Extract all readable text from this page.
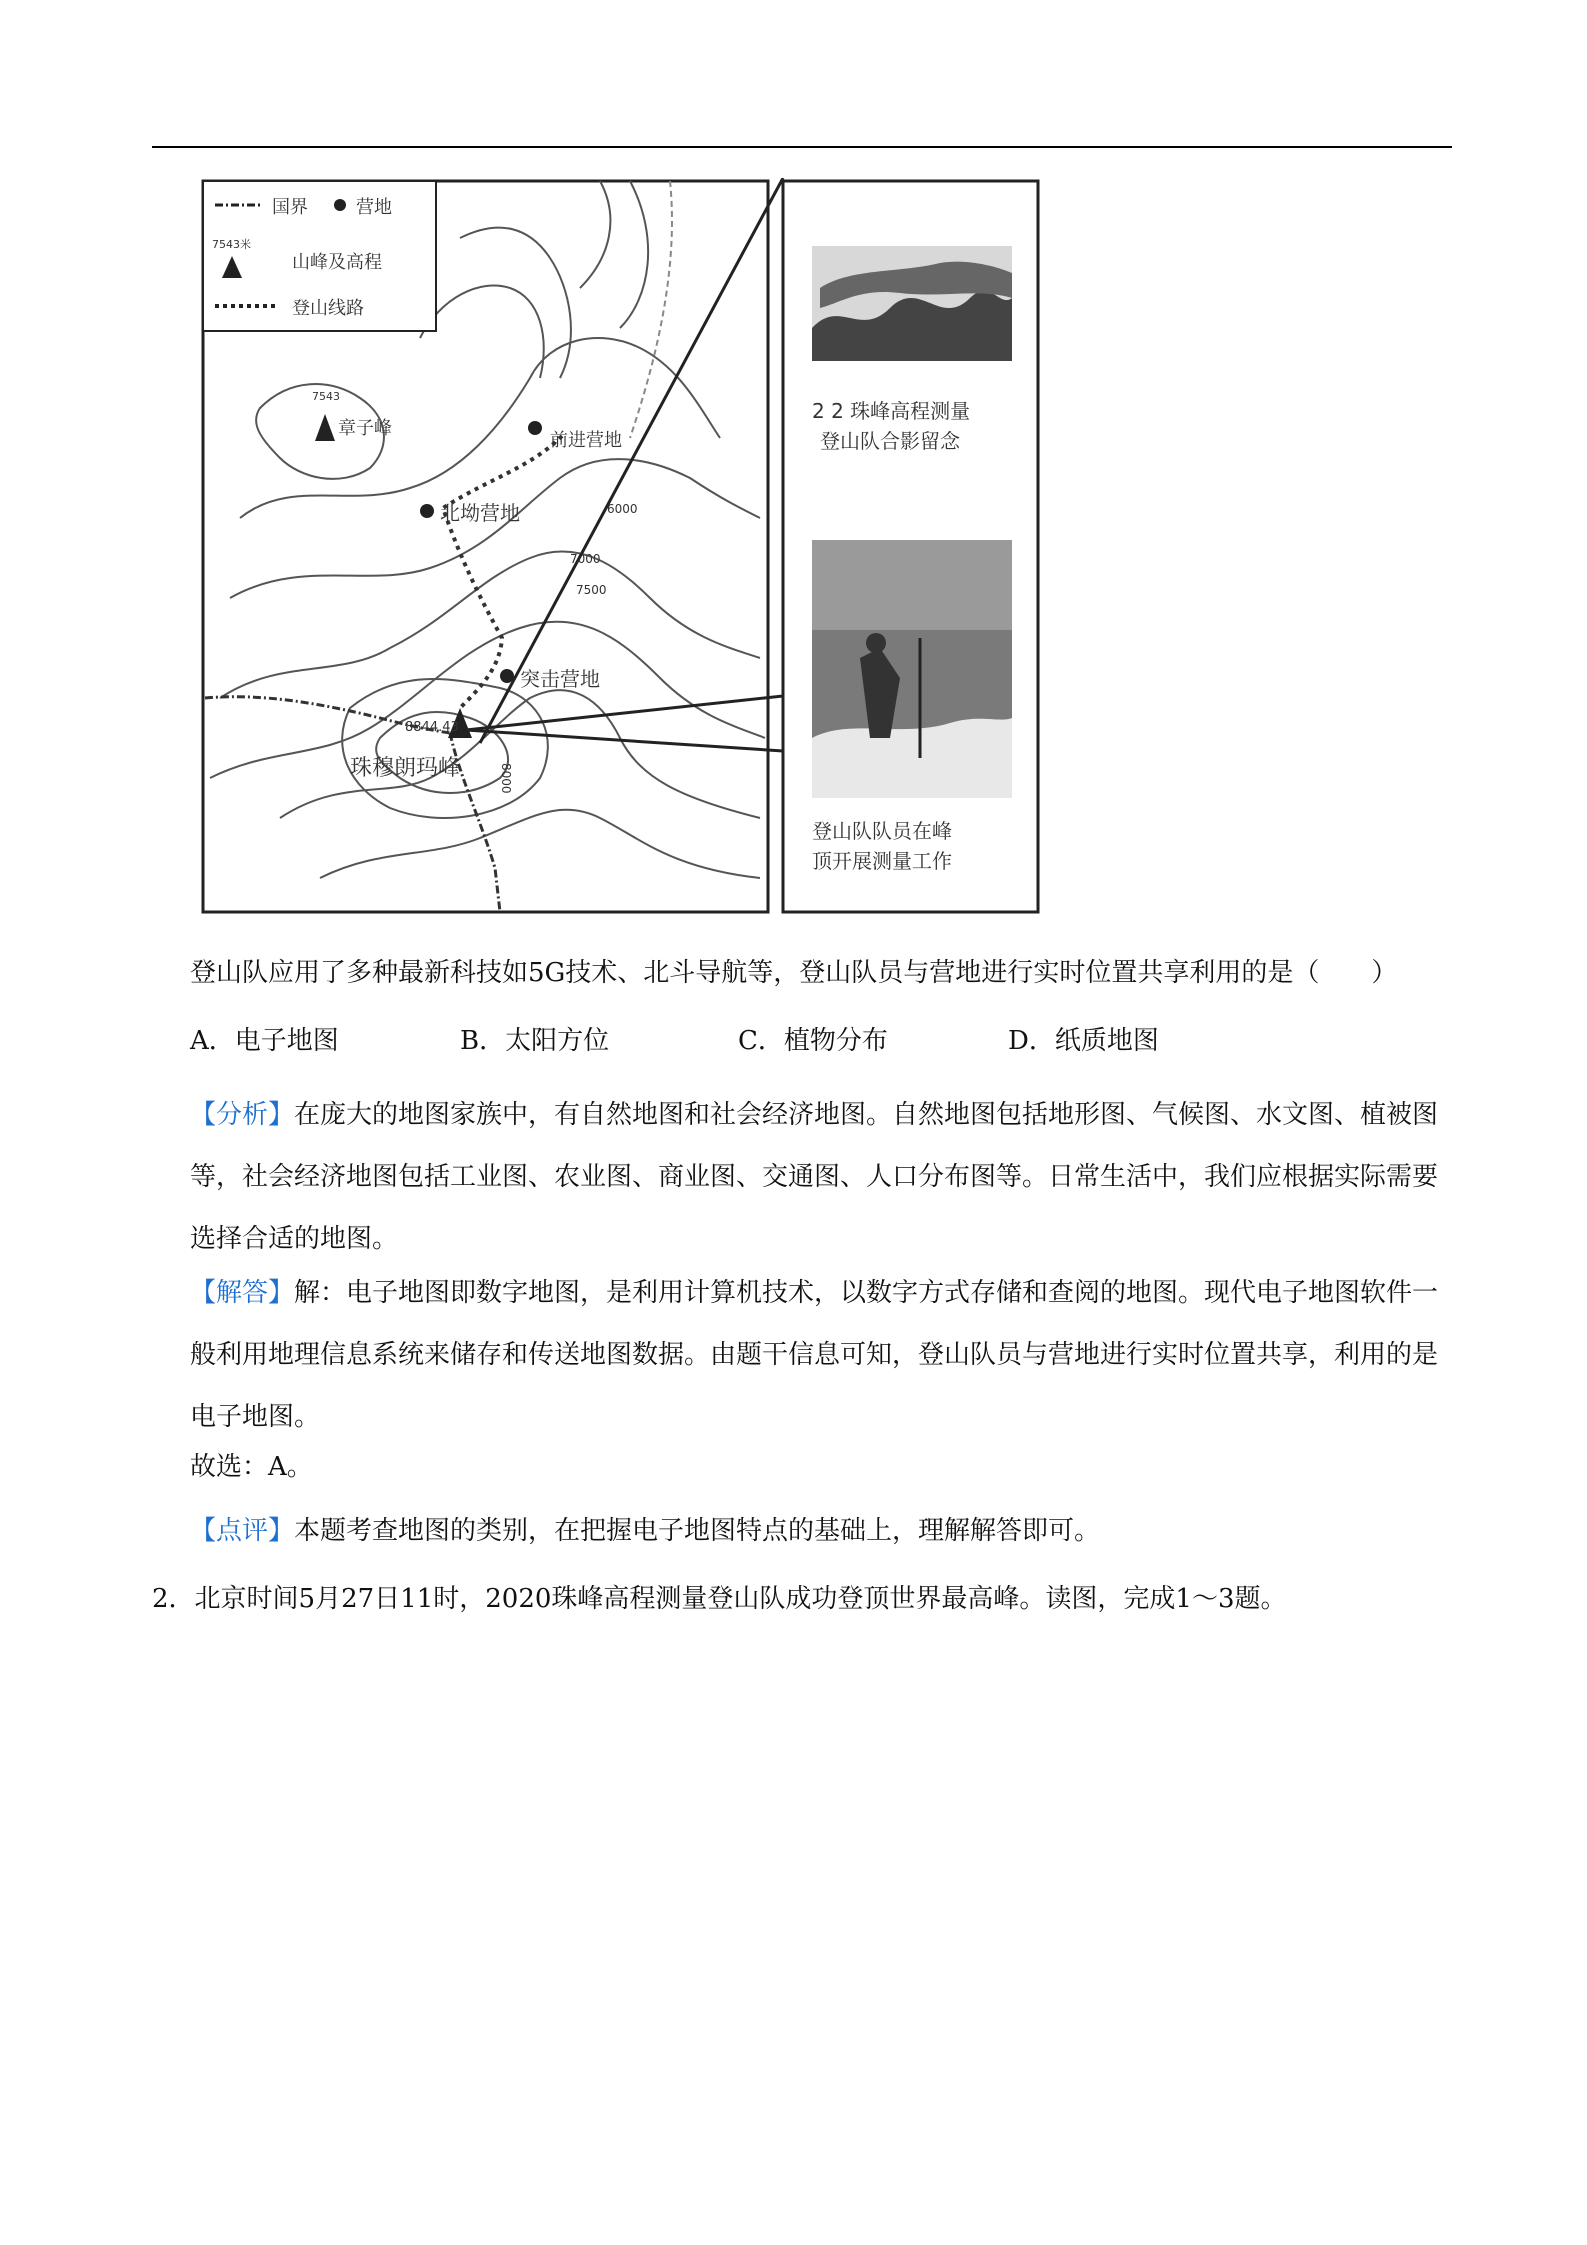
国界	营地
7543米
山峰及高程
登山线路
7543
章子峰
8844.43
珠穆朗玛峰
前进营地
北坳营地
突击营地
6000
7000
7500
8000
2 2 珠峰高程测量
登山队合影留念
登山队队员在峰
顶开展测量工作
登山队应用了多种最新科技如5G技术、北斗导航等，登山队员与营地进行实时位置共享利用的是（　　）
A．电子地图	B．太阳方位	C．植物分布	D．纸质地图
【分析】在庞大的地图家族中，有自然地图和社会经济地图。自然地图包括地形图、气候图、水文图、植被图等，社会经济地图包括工业图、农业图、商业图、交通图、人口分布图等。日常生活中，我们应根据实际需要选择合适的地图。
【解答】解：电子地图即数字地图，是利用计算机技术，以数字方式存储和查阅的地图。现代电子地图软件一般利用地理信息系统来储存和传送地图数据。由题干信息可知，登山队员与营地进行实时位置共享，利用的是电子地图。
故选：A。
【点评】本题考查地图的类别，在把握电子地图特点的基础上，理解解答即可。
2．北京时间5月27日11时，2020珠峰高程测量登山队成功登顶世界最高峰。读图，完成1～3题。
